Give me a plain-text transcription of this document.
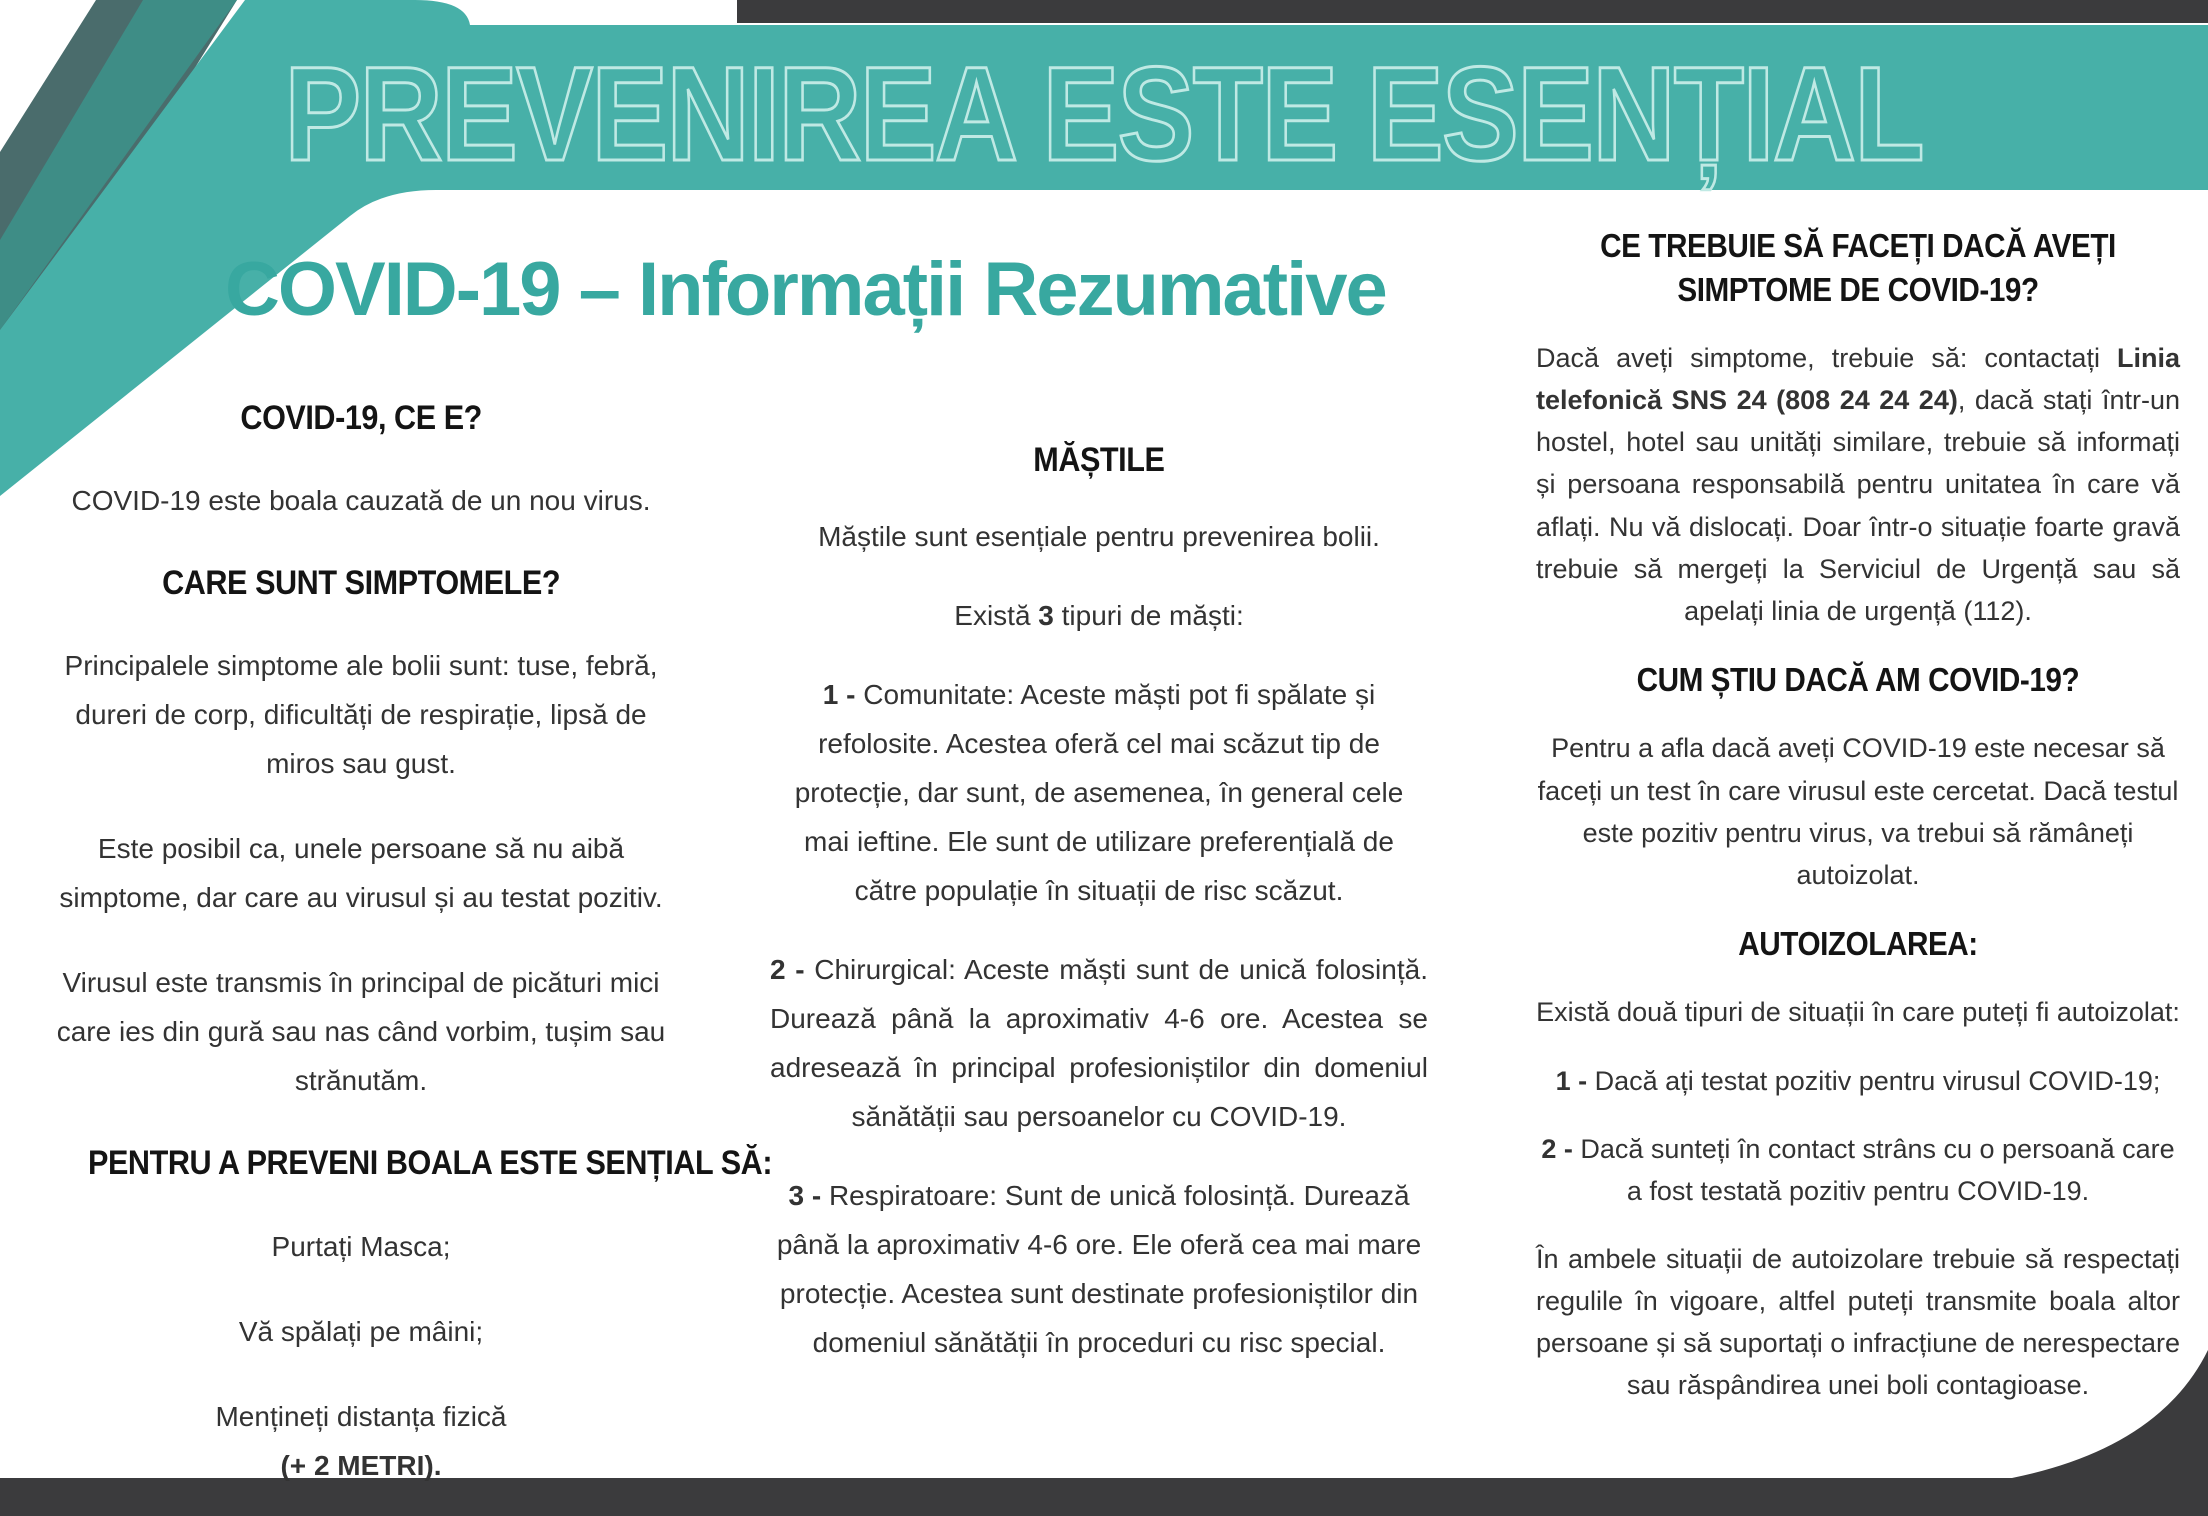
PREVENIREA ESTE ESENȚIAL
COVID-19 – Informații Rezumative
COVID-19, CE E?
COVID-19 este boala cauzată de un nou virus.
CARE SUNT SIMPTOMELE?
Principalele simptome ale bolii sunt: tuse, febră, dureri de corp, dificultăți de respirație, lipsă de miros sau gust.
Este posibil ca, unele persoane să nu aibă simptome, dar care au virusul și au testat pozitiv.
Virusul este transmis în principal de picături mici care ies din gură sau nas când vorbim, tușim sau strănutăm.
PENTRU A PREVENI BOALA ESTE SENȚIAL SĂ:
Purtați Masca;
Vă spălați pe mâini;
Mențineți distanța fizică
(+ 2 METRI).
MĂȘTILE
Măștile sunt esențiale pentru prevenirea bolii.
Există 3 tipuri de măști:
1 - Comunitate: Aceste măști pot fi spălate și refolosite. Acestea oferă cel mai scăzut tip de protecție, dar sunt, de asemenea, în general cele mai ieftine. Ele sunt de utilizare preferențială de către populație în situații de risc scăzut.
2 - Chirurgical: Aceste măști sunt de unică folosință. Durează până la aproximativ 4-6 ore. Acestea se adresează în principal profesioniștilor din domeniul sănătății sau persoanelor cu COVID-19.
3 - Respiratoare: Sunt de unică folosință. Durează până la aproximativ 4-6 ore. Ele oferă cea mai mare protecție. Acestea sunt destinate profesioniștilor din domeniul sănătății în proceduri cu risc special.
CE TREBUIE SĂ FACEȚI DACĂ AVEȚI SIMPTOME DE COVID-19?
Dacă aveți simptome, trebuie să: contactați Linia telefonică SNS 24 (808 24 24 24), dacă stați într-un hostel, hotel sau unități similare, trebuie să informați și persoana responsabilă pentru unitatea în care vă aflați. Nu vă dislocați. Doar într-o situație foarte gravă trebuie să mergeți la Serviciul de Urgență sau să apelați linia de urgență (112).
CUM ȘTIU DACĂ AM COVID-19?
Pentru a afla dacă aveți COVID-19 este necesar să faceți un test în care virusul este cercetat. Dacă testul este pozitiv pentru virus, va trebui să rămâneți autoizolat.
AUTOIZOLAREA:
Există două tipuri de situații în care puteți fi autoizolat:
1 - Dacă ați testat pozitiv pentru virusul COVID-19;
2 - Dacă sunteți în contact strâns cu o persoană care a fost testată pozitiv pentru COVID-19.
În ambele situații de autoizolare trebuie să respectați regulile în vigoare, altfel puteți transmite boala altor persoane și să suportați o infracțiune de nerespectare sau răspândirea unei boli contagioase.
